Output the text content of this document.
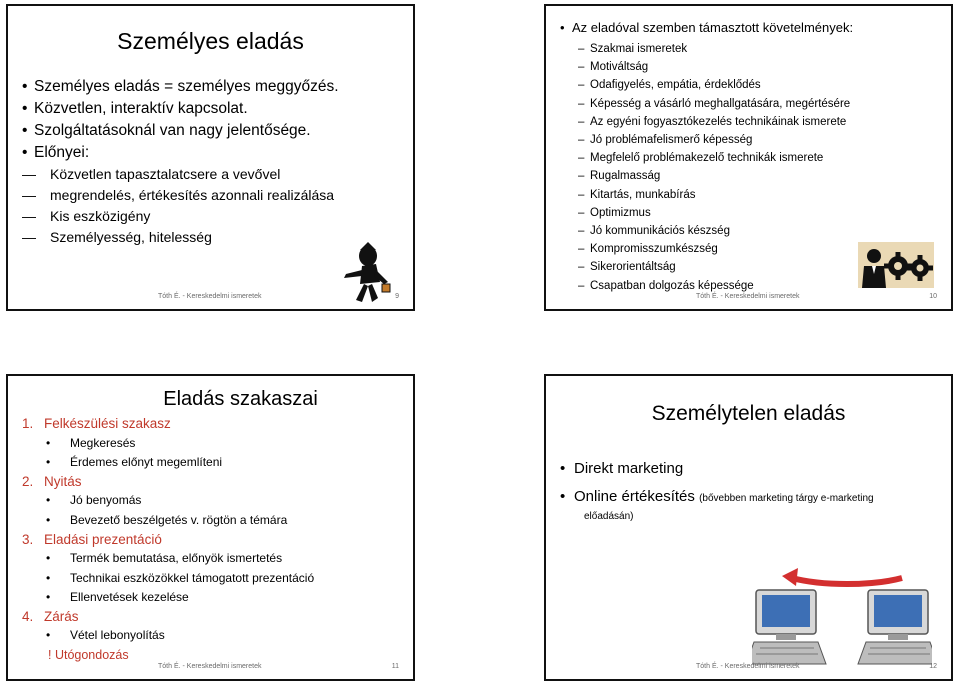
Személyes eladás
• Személyes eladás = személyes meggyőzés.
• Közvetlen, interaktív kapcsolat.
• Szolgáltatásoknál van nagy jelentősége.
• Előnyei:
— Közvetlen tapasztalatcsere a vevővel
— megrendelés, értékesítés azonnali realizálása
— Kis eszközigény
— Személyesség, hitelesség
Tóth É. - Kereskedelmi ismeretek	9
• Az eladóval szemben támasztott követelmények:
– Szakmai ismeretek
– Motiváltság
– Odafigyelés, empátia, érdeklődés
– Képesség a vásárló meghallgatására, megértésére
– Az egyéni fogyasztókezelés technikáinak ismerete
– Jó problémafelismerő képesség
– Megfelelő problémakezelő technikák ismerete
– Rugalmasság
– Kitartás, munkabírás
– Optimizmus
– Jó kommunikációs készség
– Kompromisszumkészség
– Sikerorientáltság
– Csapatban dolgozás képessége
Tóth É. - Kereskedelmi ismeretek	10
Eladás szakaszai
1. Felkészülési szakasz
• Megkeresés
• Érdemes előnyt megemlíteni
2. Nyitás
• Jó benyomás
• Bevezető beszélgetés v. rögtön a témára
3. Eladási prezentáció
• Termék bemutatása, előnyök ismertetés
• Technikai eszközökkel támogatott prezentáció
• Ellenvetések kezelése
4. Zárás
• Vétel lebonyolítás
! Utógondozás
Tóth É. - Kereskedelmi ismeretek	11
Személytelen eladás
• Direkt marketing
• Online értékesítés (bővebben marketing tárgy e-marketing
előadásán)
Tóth É. - Kereskedelmi ismeretek	12
